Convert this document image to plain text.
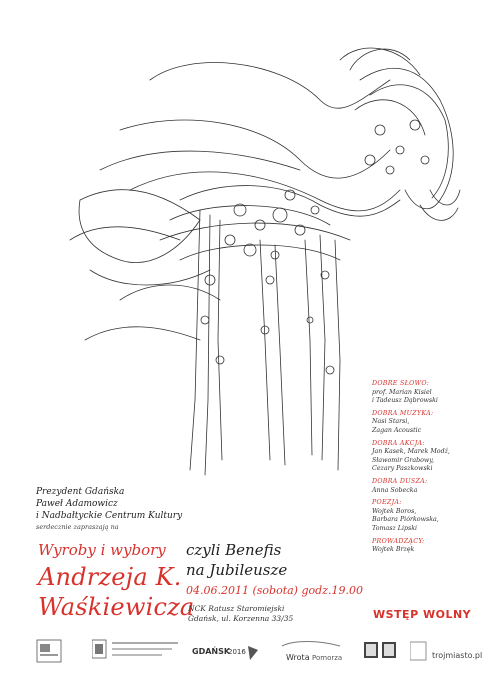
Prezydent Gdańska
Paweł Adamowicz
i Nadbałtyckie Centrum Kultury
serdecznie zapraszają na
Wyroby i wybory
Andrzeja K.
Waśkiewicza
czyli Benefis
na Jubileusze
04.06.2011 (sobota) godz.19.00
NCK Ratusz Staromiejski
Gdańsk, ul. Korzenna 33/35
DOBRE SŁOWO:
prof. Marian Kisiel
i Tadeusz Dąbrowski
DOBRA MUZYKA:
Nasi Starsi,
Zagan Acoustic
DOBRA AKCJA:
Jan Kasek, Marek Modź,
Sławomir Grabowy,
Cezary Paszkowski
DOBRA DUSZA:
Anna Sobecka
POEZJA:
Wojtek Boros,
Barbara Piórkowska,
Tomasz Lipski
PROWADZĄCY:
Wojtek Brzęk
WSTĘP WOLNY
GDAŃSK
2016
Wrota Pomorza	trojmiasto.pl
